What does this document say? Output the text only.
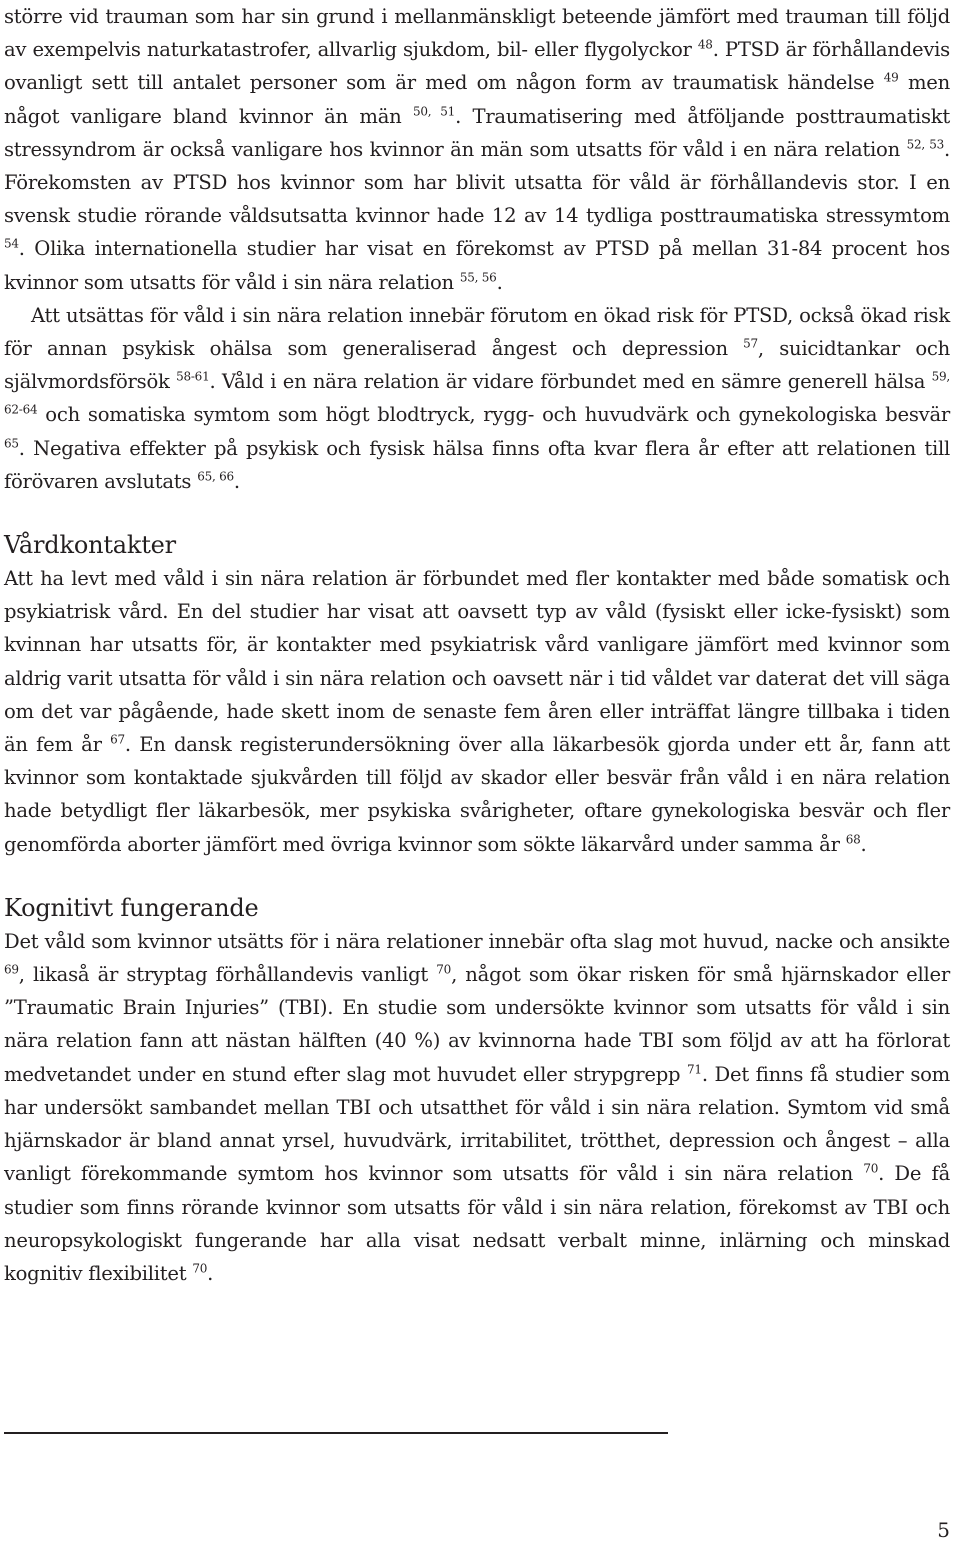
större vid trauman som har sin grund i mellanmänskligt beteende jämfört med trauman till följd av exempelvis naturkatastrofer, allvarlig sjukdom, bil- eller flygolyckor $^{48}$. PTSD är förhållandevis ovanligt sett till antalet personer som är med om någon form av traumatisk händelse $^{49}$ men något vanligare bland kvinnor än män $^{50, 51}$. Traumatisering med åtföljande posttraumatiskt stressyndrom är också vanligare hos kvinnor än män som utsatts för våld i en nära relation $^{52, 53}$. Förekomsten av PTSD hos kvinnor som har blivit utsatta för våld är förhållandevis stor. I en svensk studie rörande våldsutsatta kvinnor hade 12 av 14 tydliga posttraumatiska stressymtom $^{54}$. Olika internationella studier har visat en förekomst av PTSD på mellan 31-84 procent hos kvinnor som utsatts för våld i sin nära relation $^{55, 56}$.

Att utsättas för våld i sin nära relation innebär förutom en ökad risk för PTSD, också ökad risk för annan psykisk ohälsa som generaliserad ångest och depression $^{57}$, suicidtankar och självmordsförsök $^{58-61}$. Våld i en nära relation är vidare förbundet med en sämre generell hälsa $^{59, 62-64}$ och somatiska symtom som högt blodtryck, rygg- och huvudvärk och gynekologiska besvär $^{65}$. Negativa effekter på psykisk och fysisk hälsa finns ofta kvar flera år efter att relationen till förövaren avslutats $^{65, 66}$.

Vårdkontakter

Att ha levt med våld i sin nära relation är förbundet med fler kontakter med både somatisk och psykiatrisk vård. En del studier har visat att oavsett typ av våld (fysiskt eller icke-fysiskt) som kvinnan har utsatts för, är kontakter med psykiatrisk vård vanligare jämfört med kvinnor som aldrig varit utsatta för våld i sin nära relation och oavsett när i tid våldet var daterat det vill säga om det var pågående, hade skett inom de senaste fem åren eller inträffat längre tillbaka i tiden än fem år $^{67}$. En dansk registerundersökning över alla läkarbesök gjorda under ett år, fann att kvinnor som kontaktade sjukvården till följd av skador eller besvär från våld i en nära relation hade betydligt fler läkarbesök, mer psykiska svårigheter, oftare gynekologiska besvär och fler genomförda aborter jämfört med övriga kvinnor som sökte läkarvård under samma år $^{68}$.

Kognitivt fungerande

Det våld som kvinnor utsätts för i nära relationer innebär ofta slag mot huvud, nacke och ansikte $^{69}$, likaså är stryptag förhållandevis vanligt $^{70}$, något som ökar risken för små hjärnskador eller ”Traumatic Brain Injuries” (TBI). En studie som undersökte kvinnor som utsatts för våld i sin nära relation fann att nästan hälften (40 %) av kvinnorna hade TBI som följd av att ha förlorat medvetandet under en stund efter slag mot huvudet eller strypgrepp $^{71}$. Det finns få studier som har undersökt sambandet mellan TBI och utsatthet för våld i sin nära relation. Symtom vid små hjärnskador är bland annat yrsel, huvudvärk, irritabilitet, trötthet, depression och ångest – alla vanligt förekommande symtom hos kvinnor som utsatts för våld i sin nära relation $^{70}$. De få studier som finns rörande kvinnor som utsatts för våld i sin nära relation, förekomst av TBI och neuropsykologiskt fungerande har alla visat nedsatt verbalt minne, inlärning och minskad kognitiv flexibilitet $^{70}$.

5
